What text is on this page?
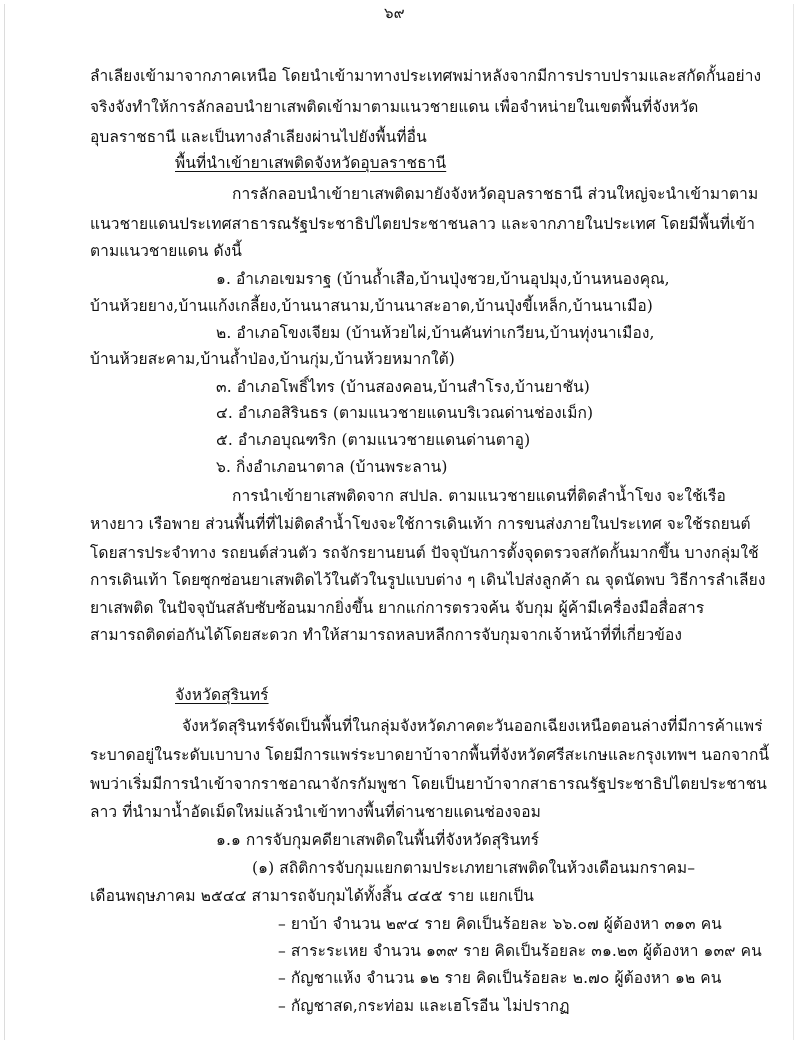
๖๙
ลำเลียงเข้ามาจากภาคเหนือ โดยนำเข้ามาทางประเทศพม่าหลังจากมีการปราบปรามและสกัดกั้นอย่าง
จริงจังทำให้การลักลอบนำยาเสพติดเข้ามาตามแนวชายแดน เพื่อจำหน่ายในเขตพื้นที่จังหวัด
อุบลราชธานี และเป็นทางลำเลียงผ่านไปยังพื้นที่อื่น
พื้นที่นำเข้ายาเสพติดจังหวัดอุบลราชธานี
การลักลอบนำเข้ายาเสพติดมายังจังหวัดอุบลราชธานี ส่วนใหญ่จะนำเข้ามาตาม
แนวชายแดนประเทศสาธารณรัฐประชาธิปไตยประชาชนลาว และจากภายในประเทศ โดยมีพื้นที่เข้า
ตามแนวชายแดน ดังนี้
๑. อำเภอเขมราฐ (บ้านถ้ำเสือ,บ้านปุ่งชวย,บ้านอุปมุง,บ้านหนองคุณ,
บ้านห้วยยาง,บ้านแก้งเกลี้ยง,บ้านนาสนาม,บ้านนาสะอาด,บ้านปุ่งขี้เหล็ก,บ้านนาเมือ)
๒. อำเภอโขงเจียม (บ้านห้วยไผ่,บ้านคันท่าเกวียน,บ้านทุ่งนาเมือง,
บ้านห้วยสะคาม,บ้านถ้ำป่อง,บ้านกุ่ม,บ้านห้วยหมากใต้)
๓. อำเภอโพธิ์ไทร (บ้านสองคอน,บ้านสำโรง,บ้านยาชัน)
๔. อำเภอสิรินธร (ตามแนวชายแดนบริเวณด่านช่องเม็ก)
๕. อำเภอบุณฑริก (ตามแนวชายแดนด่านตาอู)
๖. กิ่งอำเภอนาตาล (บ้านพระลาน)
การนำเข้ายาเสพติดจาก สปปล. ตามแนวชายแดนที่ติดลำน้ำโขง จะใช้เรือ
หางยาว เรือพาย ส่วนพื้นที่ที่ไม่ติดลำน้ำโขงจะใช้การเดินเท้า การขนส่งภายในประเทศ จะใช้รถยนต์
โดยสารประจำทาง รถยนต์ส่วนตัว รถจักรยานยนต์ ปัจจุบันการตั้งจุดตรวจสกัดกั้นมากขึ้น บางกลุ่มใช้
การเดินเท้า โดยซุกซ่อนยาเสพติดไว้ในตัวในรูปแบบต่าง ๆ เดินไปส่งลูกค้า ณ จุดนัดพบ วิธีการลำเลียง
ยาเสพติด ในปัจจุบันสลับซับซ้อนมากยิ่งขึ้น ยากแก่การตรวจค้น จับกุม ผู้ค้ามีเครื่องมือสื่อสาร
สามารถติดต่อกันได้โดยสะดวก ทำให้สามารถหลบหลีกการจับกุมจากเจ้าหน้าที่ที่เกี่ยวข้อง
จังหวัดสุรินทร์
จังหวัดสุรินทร์จัดเป็นพื้นที่ในกลุ่มจังหวัดภาคตะวันออกเฉียงเหนือตอนล่างที่มีการค้าแพร่
ระบาดอยู่ในระดับเบาบาง โดยมีการแพร่ระบาดยาบ้าจากพื้นที่จังหวัดศรีสะเกษและกรุงเทพฯ นอกจากนี้
พบว่าเริ่มมีการนำเข้าจากราชอาณาจักรกัมพูชา โดยเป็นยาบ้าจากสาธารณรัฐประชาธิปไตยประชาชน
ลาว ที่นำมาน้ำอัดเม็ดใหม่แล้วนำเข้าทางพื้นที่ด่านชายแดนช่องจอม
๑.๑ การจับกุมคดียาเสพติดในพื้นที่จังหวัดสุรินทร์
(๑) สถิติการจับกุมแยกตามประเภทยาเสพติดในห้วงเดือนมกราคม–
เดือนพฤษภาคม ๒๕๔๔ สามารถจับกุมได้ทั้งสิ้น ๔๔๕ ราย แยกเป็น
– ยาบ้า จำนวน ๒๙๔ ราย คิดเป็นร้อยละ ๖๖.๐๗ ผู้ต้องหา ๓๑๓ คน
– สาระระเหย จำนวน ๑๓๙ ราย คิดเป็นร้อยละ ๓๑.๒๓ ผู้ต้องหา ๑๓๙ คน
– กัญชาแห้ง จำนวน ๑๒ ราย คิดเป็นร้อยละ ๒.๗๐ ผู้ต้องหา ๑๒ คน
– กัญชาสด,กระท่อม และเฮโรอีน ไม่ปรากฏ
